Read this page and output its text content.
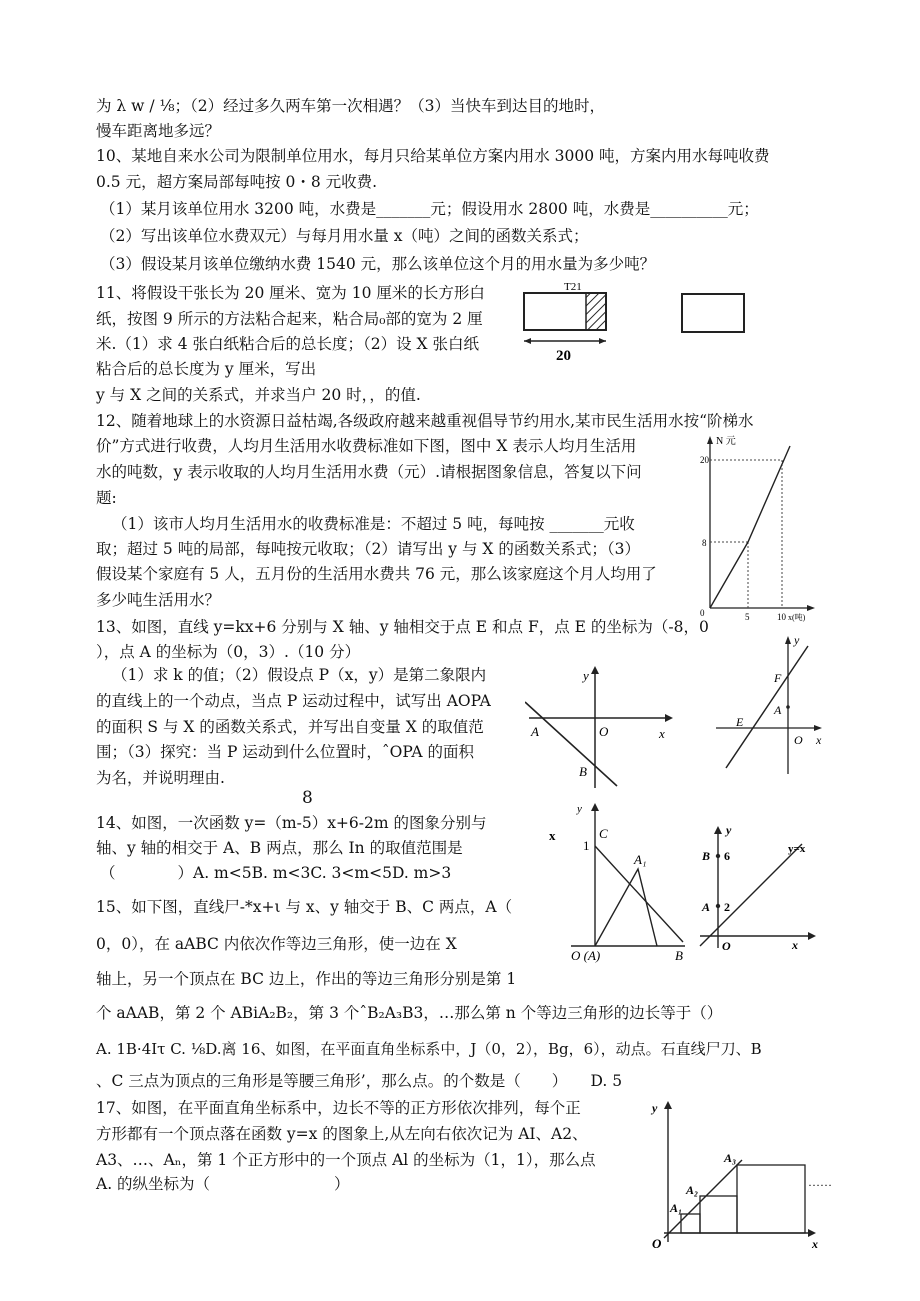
为 λ w / ⅛；（2）经过多久两车第一次相遇？（3）当快车到达目的地时，
慢车距离地多远？
10、某地自来水公司为限制单位用水，每月只给某单位方案内用水 3000 吨，方案内用水每吨收费
0.5 元，超方案局部每吨按 0・8 元收费.
（1）某月该单位用水 3200 吨，水费是_______元；假设用水 2800 吨，水费是__________元；
（2）写出该单位水费双元）与每月用水量 x（吨）之间的函数关系式；
（3）假设某月该单位缴纳水费 1540 元，那么该单位这个月的用水量为多少吨？
11、将假设干张长为 20 厘米、宽为 10 厘米的长方形白
纸，按图 9 所示的方法粘合起来，粘合局₀部的宽为 2 厘
米.（1）求 4 张白纸粘合后的总长度；（2）设 X 张白纸
粘合后的总长度为 y 厘米，写出
y 与 X 之间的关系式，并求当户 20 时，，的值.
12、随着地球上的水资源日益枯竭,各级政府越来越重视倡导节约用水,某市民生活用水按“阶梯水
价”方式进行收费，人均月生活用水收费标准如下图，图中 X 表示人均月生活用
水的吨数，y 表示收取的人均月生活用水费（元）.请根据图象信息，答复以下问
题:
（1）该市人均月生活用水的收费标准是：不超过 5 吨，每吨按 _______元收
取；超过 5 吨的局部，每吨按元收取；（2）请写出 y 与 X 的函数关系式；（3）
假设某个家庭有 5 人，五月份的生活用水费共 76 元，那么该家庭这个月人均用了
多少吨生活用水？
13、如图，直线 y=kx+6 分别与 X 轴、y 轴相交于点 E 和点 F，点 E 的坐标为（-8，0
），点 A 的坐标为（0，3）.（10 分）
（1）求 k 的值；（2）假设点 P（x，y）是第二象限内
的直线上的一个动点，当点 P 运动过程中，试写出 AOPA
的面积 S 与 X 的函数关系式，并写出自变量 X 的取值范
围；（3）探究：当 P 运动到什么位置时，ˆOPA 的面积
为名，并说明理由.
8
14、如图，一次函数 y=（m-5）x+6-2m 的图象分别与
轴、y 轴的相交于 A、B 两点，那么 In 的取值范围是
（　　　　）A. m<5B. m<3C. 3<m<5D. m>3
15、如下图，直线尸-*x+ι 与 x、y 轴交于 B、C 两点，A（
0，0），在 aABC 内依次作等边三角形，使一边在 X
轴上，另一个顶点在 BC 边上，作出的等边三角形分别是第 1
个 aAAB，第 2 个 ABiA₂B₂，第 3 个ˆB₂A₃B3，…那么第 n 个等边三角形的边长等于（）
A. 1B·4Iτ C. ⅛D.离 16、如图，在平面直角坐标系中，J（0，2），Bg，6），动点。石直线尸刀、B
、C 三点为顶点的三角形是等腰三角形’，那么点。的个数是（　　）　　D. 5
17、如图，在平面直角坐标系中，边长不等的正方形依次排列，每个正
方形都有一个顶点落在函数 y=x 的图象上,从左向右依次记为 AI、A2、
A3、…、Aₙ，第 1 个正方形中的一个顶点 Al 的坐标为（1，1），那么点
A. 的纵坐标为（　　　　　　　　）
T21
20
N 元
x(吨)
0
20
8
5	10
y
x
O
A
B
y
F
A
E
O x
x
y
C
1
A₁
O (A)	B
y
B 6
A 2
O	x
y=x
y
x
O
A₁
A₂
A₃
……
